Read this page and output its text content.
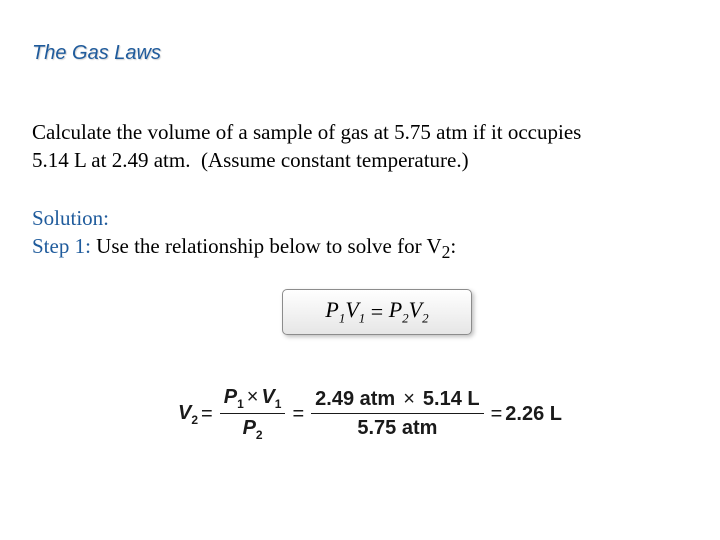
The Gas Laws
Calculate the volume of a sample of gas at 5.75 atm if it occupies
5.14 L at 2.49 atm.  (Assume constant temperature.)
Solution:
Step 1: Use the relationship below to solve for $V_2$:
$P_1$ $V_1 = P_2$ $V_2$
$V_2 = \frac{P_1 \times V_1}{P_2} = \frac{\text{2.49 atm × 5.14 L}}{\text{5.75 atm}} = 2.26$ L
